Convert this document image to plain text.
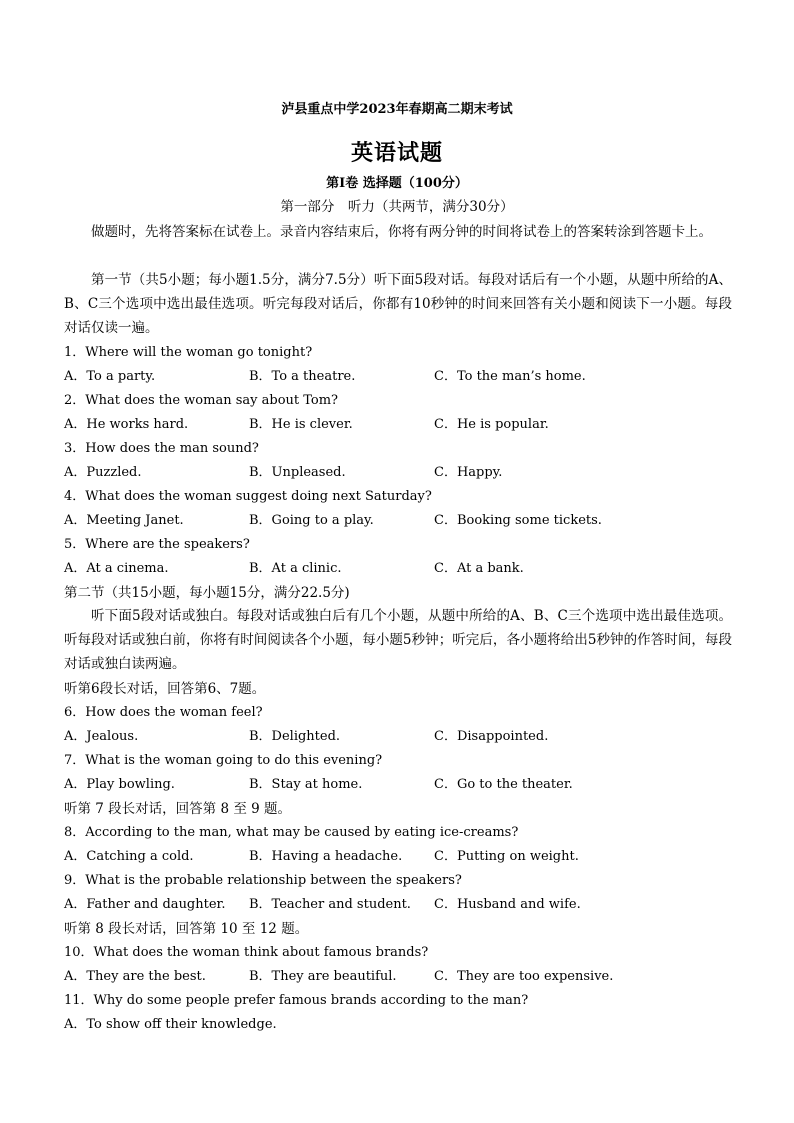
泸县重点中学2023年春期高二期末考试
英语试题
第Ⅰ卷 选择题（100分）
第一部分　听力（共两节，满分30分）
做题时，先将答案标在试卷上。录音内容结束后，你将有两分钟的时间将试卷上的答案转涂到答题卡上。
第一节（共5小题；每小题1.5分，满分7.5分）听下面5段对话。每段对话后有一个小题，从题中所给的A、B、C三个选项中选出最佳选项。听完每段对话后，你都有10秒钟的时间来回答有关小题和阅读下一小题。每段对话仅读一遍。
1．Where will the woman go tonight?
A．To a party.	B．To a theatre.	C．To the man’s home.
2．What does the woman say about Tom?
A．He works hard.	B．He is clever.	C．He is popular.
3．How does the man sound?
A．Puzzled.	B．Unpleased.	C．Happy.
4．What does the woman suggest doing next Saturday?
A．Meeting Janet.	B．Going to a play.	C．Booking some tickets.
5．Where are the speakers?
A．At a cinema.	B．At a clinic.	C．At a bank.
第二节（共15小题，每小题15分，满分22.5分)
听下面5段对话或独白。每段对话或独白后有几个小题，从题中所给的A、B、C三个选项中选出最佳选项。听每段对话或独白前，你将有时间阅读各个小题，每小题5秒钟；听完后，各小题将给出5秒钟的作答时间，每段对话或独白读两遍。
听第6段长对话，回答第6、7题。
6．How does the woman feel?
A．Jealous.	B．Delighted.	C．Disappointed.
7．What is the woman going to do this evening?
A．Play bowling.	B．Stay at home.	C．Go to the theater.
听第 7 段长对话，回答第 8 至 9 题。
8．According to the man, what may be caused by eating ice-creams?
A．Catching a cold.	B．Having a headache. C．Putting on weight.
9．What is the probable relationship between the speakers?
A．Father and daughter. B．Teacher and student. C．Husband and wife.
听第 8 段长对话，回答第 10 至 12 题。
10．What does the woman think about famous brands?
A．They are the best.	B．They are beautiful.	C．They are too expensive.
11．Why do some people prefer famous brands according to the man?
A．To show off their knowledge.
